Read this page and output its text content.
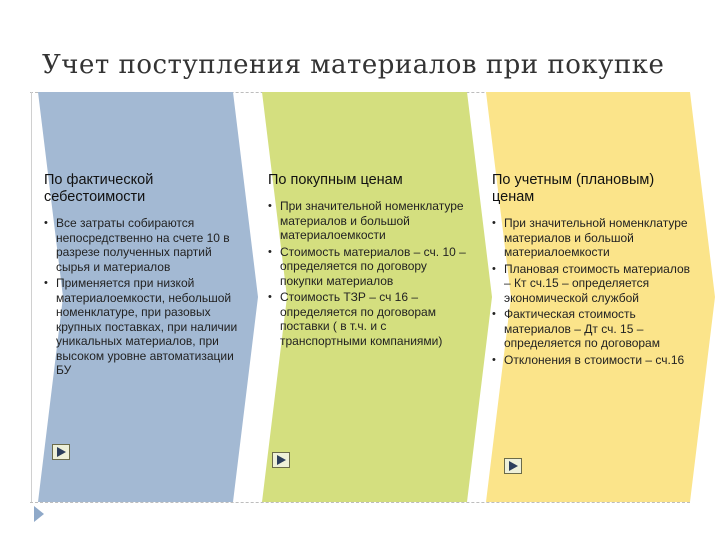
Учет поступления материалов при покупке
По фактической себестоимости
• Все затраты собираются непосредственно на счете 10 в разрезе полученных партий сырья и материалов
• Применяется при низкой материалоемкости, небольшой номенклатуре, при разовых крупных поставках, при наличии уникальных материалов, при высоком уровне автоматизации БУ
По покупным ценам
• При значительной номенклатуре материалов и большой материалоемкости
• Стоимость материалов – сч. 10 – определяется по договору покупки материалов
• Стоимость ТЗР – сч 16 – определяется по договорам поставки ( в т.ч. и с транспортными компаниями)
По учетным (плановым) ценам
• При значительной номенклатуре материалов и большой материалоемкости
• Плановая стоимость материалов – Кт сч.15 – определяется экономической службой
• Фактическая стоимость материалов – Дт сч. 15 – определяется по договорам
• Отклонения в стоимости – сч.16
